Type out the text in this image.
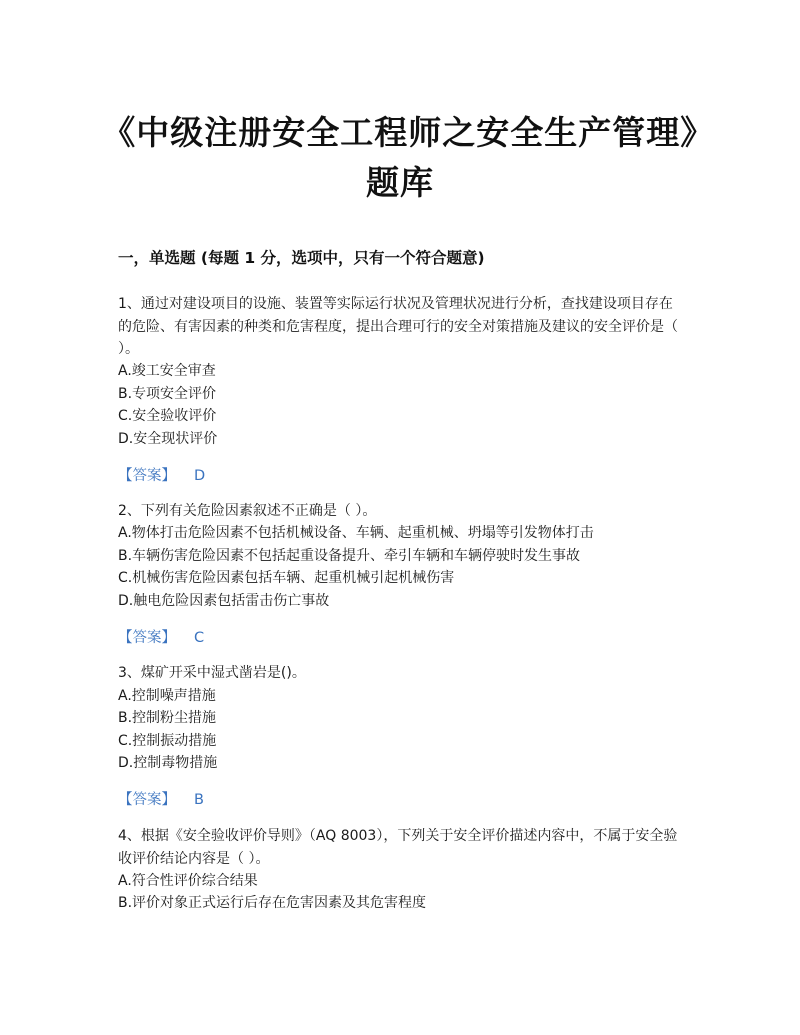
《中级注册安全工程师之安全生产管理》题库
一，单选题 (每题 1 分，选项中，只有一个符合题意)
1、通过对建设项目的设施、装置等实际运行状况及管理状况进行分析，查找建设项目存在的危险、有害因素的种类和危害程度，提出合理可行的安全对策措施及建议的安全评价是（ ）。
A.竣工安全审查
B.专项安全评价
C.安全验收评价
D.安全现状评价
【答案】 D
2、下列有关危险因素叙述不正确是（ ）。
A.物体打击危险因素不包括机械设备、车辆、起重机械、坍塌等引发物体打击
B.车辆伤害危险因素不包括起重设备提升、牵引车辆和车辆停驶时发生事故
C.机械伤害危险因素包括车辆、起重机械引起机械伤害
D.触电危险因素包括雷击伤亡事故
【答案】 C
3、煤矿开采中湿式凿岩是()。
A.控制噪声措施
B.控制粉尘措施
C.控制振动措施
D.控制毒物措施
【答案】 B
4、根据《安全验收评价导则》（AQ 8003），下列关于安全评价描述内容中，不属于安全验收评价结论内容是（ ）。
A.符合性评价综合结果
B.评价对象正式运行后存在危害因素及其危害程度
